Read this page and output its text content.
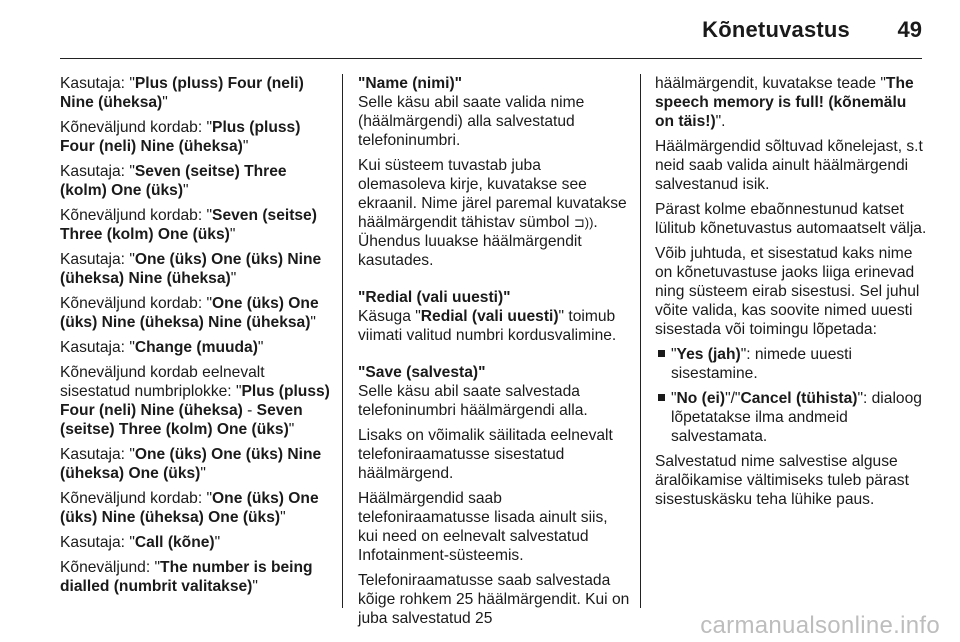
Kõnetuvastus 49

Kasutaja: "Plus (pluss) Four (neli) Nine (üheksa)"

Kõneväljund kordab: "Plus (pluss) Four (neli) Nine (üheksa)"

Kasutaja: "Seven (seitse) Three (kolm) One (üks)"

Kõneväljund kordab: "Seven (seitse) Three (kolm) One (üks)"

Kasutaja: "One (üks) One (üks) Nine (üheksa) Nine (üheksa)"

Kõneväljund kordab: "One (üks) One (üks) Nine (üheksa) Nine (üheksa)"

Kasutaja: "Change (muuda)"

Kõneväljund kordab eelnevalt sisestatud numbriplokke: "Plus (pluss) Four (neli) Nine (üheksa) - Seven (seitse) Three (kolm) One (üks)"

Kasutaja: "One (üks) One (üks) Nine (üheksa) One (üks)"

Kõneväljund kordab: "One (üks) One (üks) Nine (üheksa) One (üks)"

Kasutaja: "Call (kõne)"

Kõneväljund: "The number is being dialled (numbrit valitakse)"

"Name (nimi)"

Selle käsu abil saate valida nime (häälmärgendi) alla salvestatud telefoninumbri.

Kui süsteem tuvastab juba olemasoleva kirje, kuvatakse see ekraanil. Nime järel paremal kuvatakse häälmärgendit tähistav sümbol ⊐)). Ühendus luuakse häälmärgendit kasutades.

"Redial (vali uuesti)"

Käsuga "Redial (vali uuesti)" toimub viimati valitud numbri kordusvalimine.

"Save (salvesta)"

Selle käsu abil saate salvestada telefoninumbri häälmärgendi alla.

Lisaks on võimalik säilitada eelnevalt telefoniraamatusse sisestatud häälmärgend.

Häälmärgendid saab telefoniraamatusse lisada ainult siis, kui need on eelnevalt salvestatud Infotainment-süsteemis.

Telefoniraamatusse saab salvestada kõige rohkem 25 häälmärgendit. Kui on juba salvestatud 25

häälmärgendit, kuvatakse teade "The speech memory is full! (kõnemälu on täis!)".

Häälmärgendid sõltuvad kõnelejast, s.t neid saab valida ainult häälmärgendi salvestanud isik.

Pärast kolme ebaõnnestunud katset lülitub kõnetuvastus automaatselt välja.

Võib juhtuda, et sisestatud kaks nime on kõnetuvastuse jaoks liiga erinevad ning süsteem eirab sisestusi. Sel juhul võite valida, kas soovite nimed uuesti sisestada või toimingu lõpetada:

"Yes (jah)": nimede uuesti sisestamine.
"No (ei)"/"Cancel (tühista)": dialoog lõpetatakse ilma andmeid salvestamata.

Salvestatud nime salvestise alguse äralõikamise vältimiseks tuleb pärast sisestuskäsku teha lühike paus.

carmanualsonline.info
